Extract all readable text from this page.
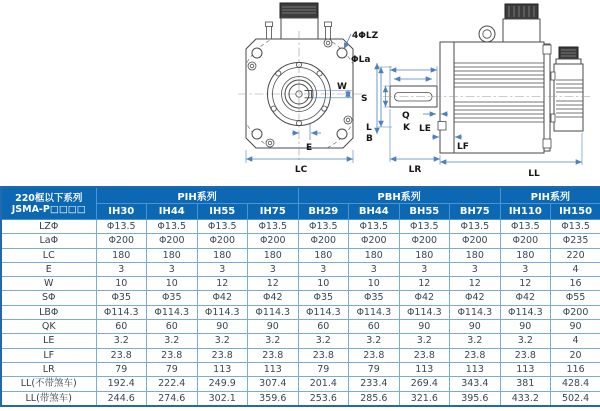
4ΦLZ
ΦLa
W
E
LC
S
L
B
Q
K LE
LF
LR	LL
220框以下系列
JSMA-P□□□□	PIH系列				PBH系列				PIH系列	
	IH30	IH44	IH55	IH75	BH29	BH44	BH55	BH75	IH110	IH150
LZΦ	Φ13.5	Φ13.5	Φ13.5	Φ13.5	Φ13.5	Φ13.5	Φ13.5	Φ13.5	Φ13.5	Φ13.5
LaΦ	Φ200	Φ200	Φ200	Φ200	Φ200	Φ200	Φ200	Φ200	Φ200	Φ235
LC	180	180	180	180	180	180	180	180	180	220
E	3	3	3	3	3	3	3	3	3	4
W	10	10	12	12	10	10	12	12	12	16
SΦ	Φ35	Φ35	Φ42	Φ42	Φ35	Φ35	Φ42	Φ42	Φ42	Φ55
LBΦ	Φ114.3	Φ114.3	Φ114.3	Φ114.3	Φ114.3	Φ114.3	Φ114.3	Φ114.3	Φ114.3	Φ200
QK	60	60	90	90	60	60	90	90	90	90
LE	3.2	3.2	3.2	3.2	3.2	3.2	3.2	3.2	3.2	4
LF	23.8	23.8	23.8	23.8	23.8	23.8	23.8	23.8	23.8	20
LR	79	79	113	113	79	79	113	113	113	116
LL(不带煞车)	192.4	222.4	249.9	307.4	201.4	233.4	269.4	343.4	381	428.4
LL(带煞车)	244.6	274.6	302.1	359.6	253.6	285.6	321.6	395.6	433.2	502.4
